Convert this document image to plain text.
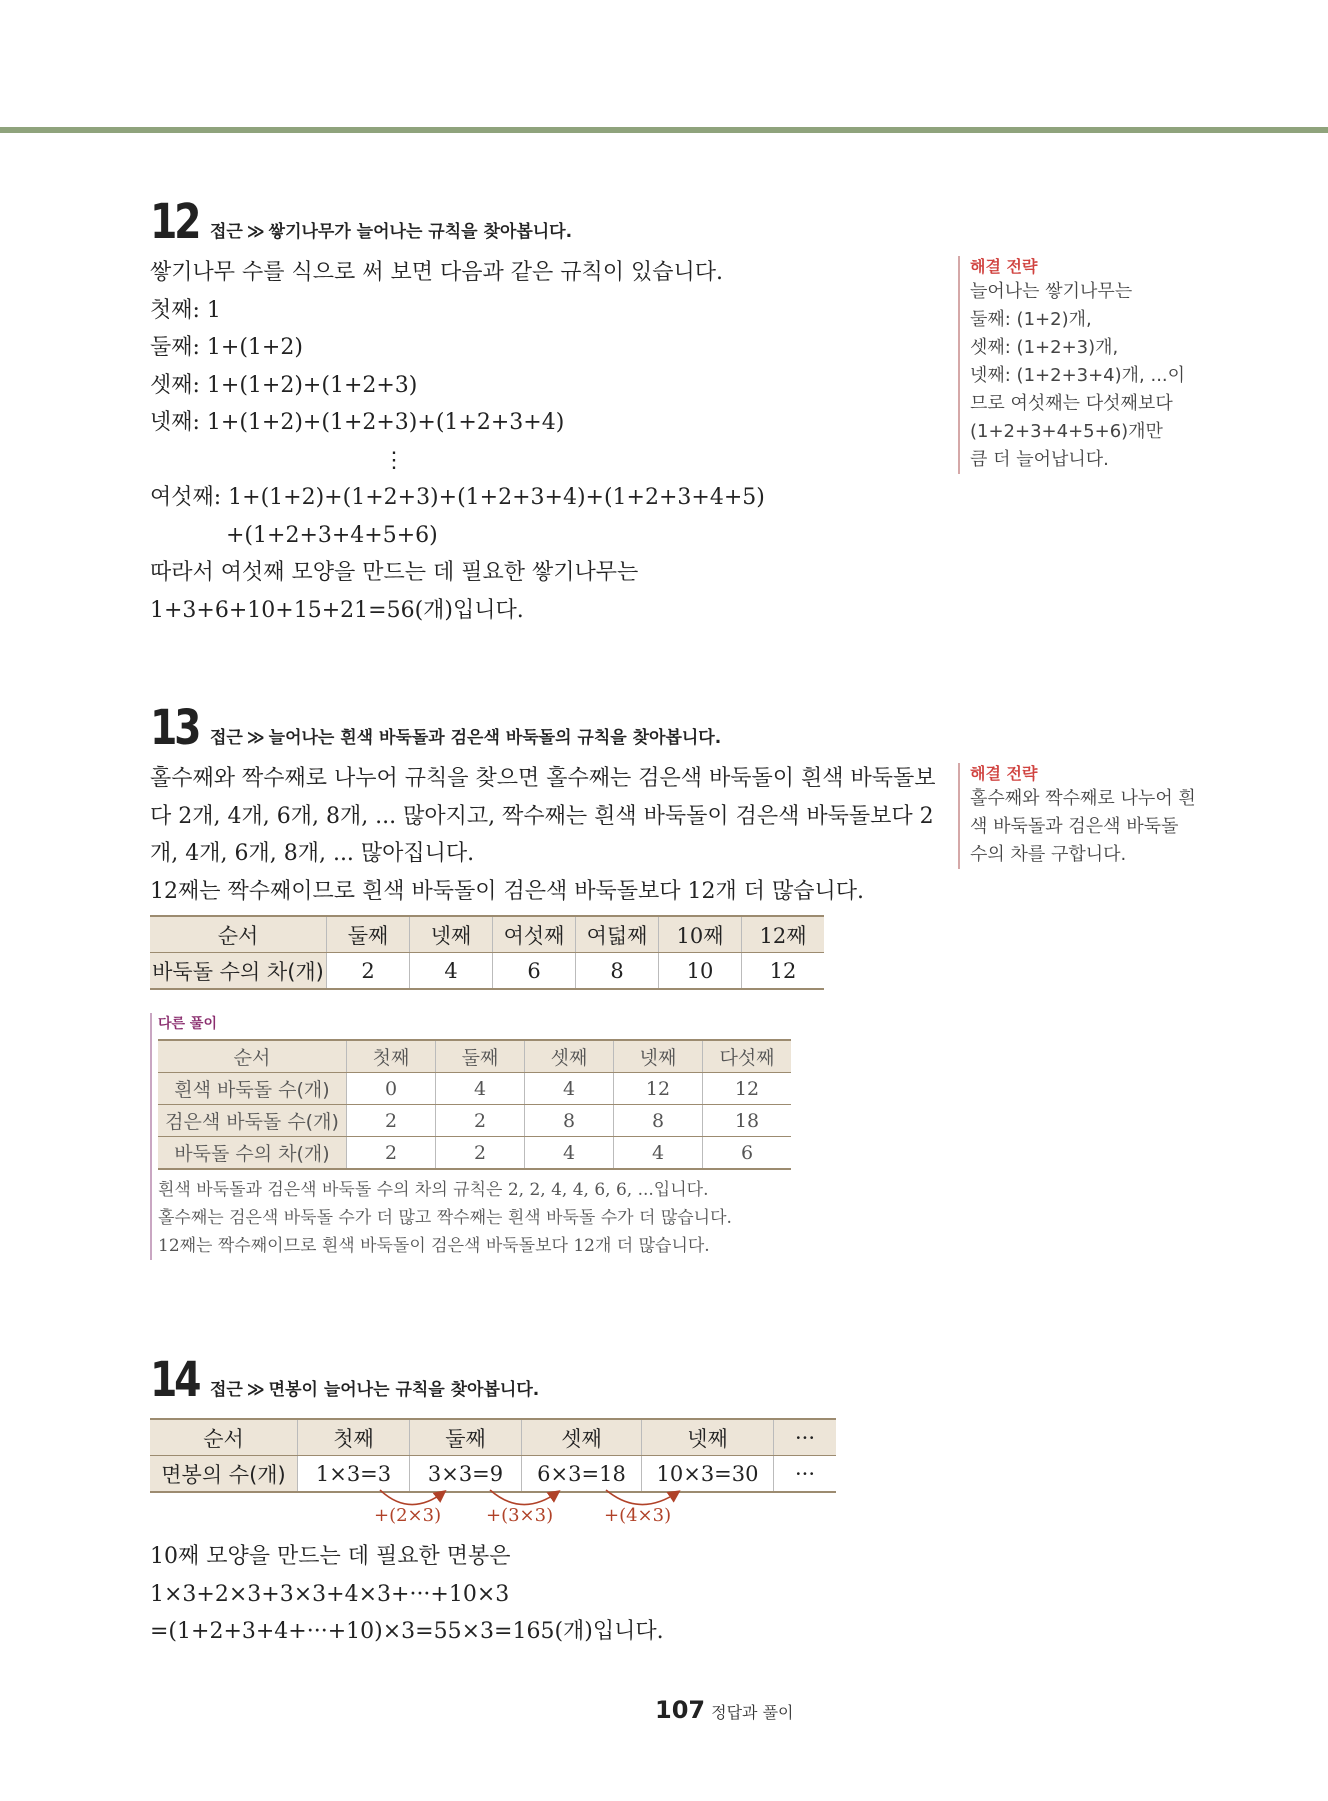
12 접근 ≫ 쌓기나무가 늘어나는 규칙을 찾아봅니다.
쌓기나무 수를 식으로 써 보면 다음과 같은 규칙이 있습니다.
첫째: 1
둘째: 1+(1+2)
셋째: 1+(1+2)+(1+2+3)
넷째: 1+(1+2)+(1+2+3)+(1+2+3+4)
⋮
여섯째: 1+(1+2)+(1+2+3)+(1+2+3+4)+(1+2+3+4+5)
+(1+2+3+4+5+6)
따라서 여섯째 모양을 만드는 데 필요한 쌓기나무는
1+3+6+10+15+21=56(개)입니다.
해결 전략
늘어나는 쌓기나무는
둘째: (1+2)개,
셋째: (1+2+3)개,
넷째: (1+2+3+4)개, ...이
므로 여섯째는 다섯째보다
(1+2+3+4+5+6)개만
큼 더 늘어납니다.
13 접근 ≫ 늘어나는 흰색 바둑돌과 검은색 바둑돌의 규칙을 찾아봅니다.
홀수째와 짝수째로 나누어 규칙을 찾으면 홀수째는 검은색 바둑돌이 흰색 바둑돌보
다 2개, 4개, 6개, 8개, ... 많아지고, 짝수째는 흰색 바둑돌이 검은색 바둑돌보다 2
개, 4개, 6개, 8개, ... 많아집니다.
12째는 짝수째이므로 흰색 바둑돌이 검은색 바둑돌보다 12개 더 많습니다.
해결 전략
홀수째와 짝수째로 나누어 흰
색 바둑돌과 검은색 바둑돌
수의 차를 구합니다.
순서	둘째	넷째	여섯째	여덟째	10째	12째
바둑돌 수의 차(개)	2	4	6	8	10	12
다른 풀이
순서	첫째	둘째	셋째	넷째	다섯째
흰색 바둑돌 수(개)	0	4	4	12	12
검은색 바둑돌 수(개)	2	2	8	8	18
바둑돌 수의 차(개)	2	2	4	4	6
흰색 바둑돌과 검은색 바둑돌 수의 차의 규칙은 2, 2, 4, 4, 6, 6, ...입니다.
홀수째는 검은색 바둑돌 수가 더 많고 짝수째는 흰색 바둑돌 수가 더 많습니다.
12째는 짝수째이므로 흰색 바둑돌이 검은색 바둑돌보다 12개 더 많습니다.
14 접근 ≫ 면봉이 늘어나는 규칙을 찾아봅니다.
순서	첫째	둘째	셋째	넷째	···
면봉의 수(개)	1×3=3	3×3=9	6×3=18	10×3=30	···
+(2×3) +(3×3)	+(4×3)
10째 모양을 만드는 데 필요한 면봉은
1×3+2×3+3×3+4×3+···+10×3
=(1+2+3+4+···+10)×3=55×3=165(개)입니다.
107 정답과 풀이
